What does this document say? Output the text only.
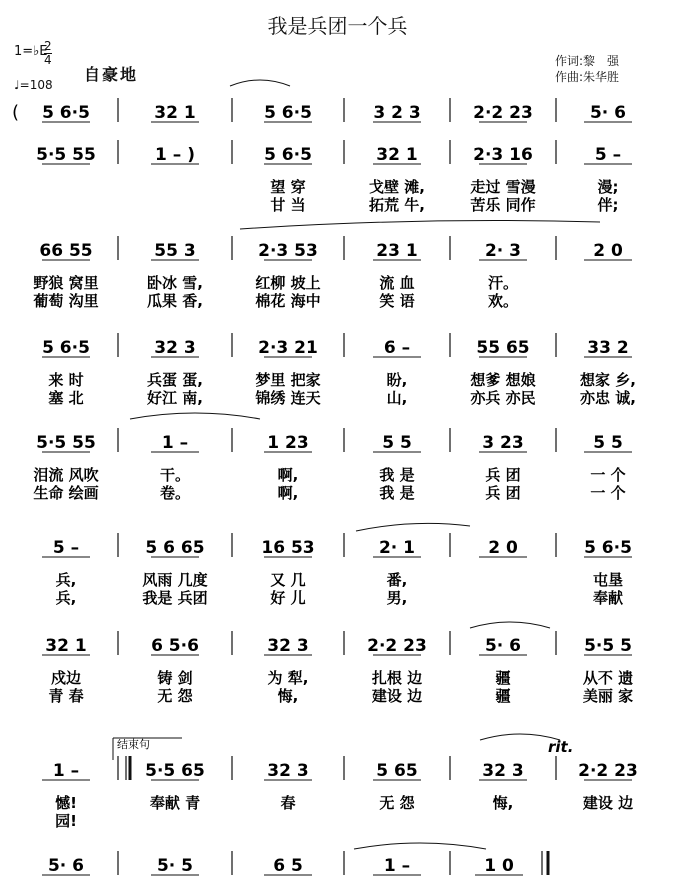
我是兵团一个兵
1=♭E
2
4
♩=108
自豪地
作词:黎　强
作曲:朱华胜
结束句	rit.
( 5 6·5	32 1	5 6·5	3 2 3	2·2 23	5· 6
5·5 55	1 – )	5 6·5	32 1	2·3 16	5 –
望 穿	戈壁 滩,	走过 雪漫	漫;
甘 当	拓荒 牛,	苦乐 同作	伴;
66 55	55 3	2·3 53	23 1	2· 3	2 0
野狼 窝里	卧冰 雪,	红柳 坡上	流 血	汗。
葡萄 沟里	瓜果 香,	棉花 海中	笑 语	欢。
5 6·5	32 3	2·3 21	6 –	55 65	33 2
来 时	兵蛋 蛋,	梦里 把家	盼,	想爹 想娘	想家 乡,
塞 北	好江 南,	锦绣 连天	山,	亦兵 亦民	亦忠 诚,
5·5 55	1 –	1 23	5 5	3 23	5 5
泪流 风吹	干。	啊,	我 是	兵 团	一 个
生命 绘画	卷。	啊,	我 是	兵 团	一 个
5 –	5 6 65	16 53	2· 1	2 0	5 6·5
兵,	风雨 几度	又 几	番,	屯垦
兵,	我是 兵团	好 儿	男,	奉献
32 1	6 5·6	32 3	2·2 23	5· 6	5·5 5
戍边	铸 剑	为 犁,	扎根 边	疆	从不 遗
青 春	无 怨	悔,	建设 边	疆	美丽 家
1 –	5·5 65	32 3	5 65	32 3	2·2 23
憾!	奉献 青	春	无 怨	悔,	建设 边
园!
5· 6	5· 5	6 5	1 –	1 0
